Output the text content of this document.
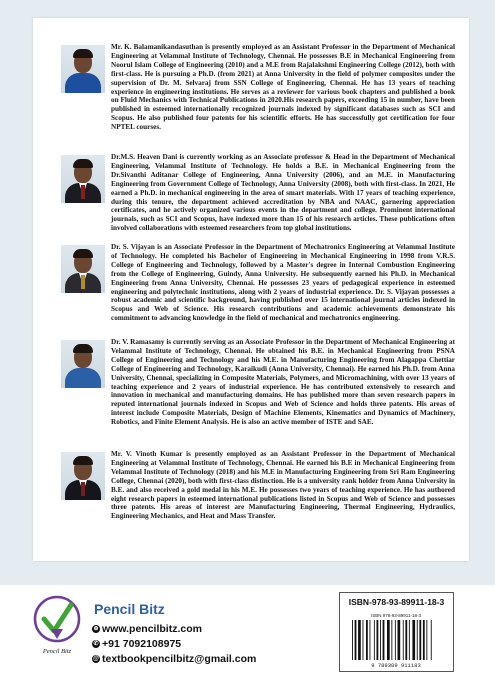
Mr. K. Balamanikandasuthan is presently employed as an Assistant Professor in the Department of Mechanical Engineering at Velammal Institute of Technology, Chennai. He possesses B.E in Mechanical Engineering from Noorul Islam College of Engineering (2010) and a M.E from Rajalakshmi Engineering College (2012), both with first-class. He is pursuing a Ph.D. (from 2021) at Anna University in the field of polymer composites under the supervision of Dr. M. Selvaraj from SSN College of Engineering, Chennai. He has 13 years of teaching experience in engineering institutions. He serves as a reviewer for various book chapters and published a book on Fluid Mechanics with Technical Publications in 2020.His research papers, exceeding 15 in number, have been published in esteemed internationally recognized journals indexed by significant databases such as SCI and Scopus. He also published four patents for his scientific efforts. He has successfully got certification for four NPTEL courses.

Dr.M.S. Heaven Dani is currently working as an Associate professor & Head in the Department of Mechanical Engineering, Velammal Institute of Technology. He holds a B.E. in Mechanical Engineering from the Dr.Sivanthi Aditanar College of Engineering, Anna University (2006), and an M.E. in Manufacturing Engineering from Government College of Technology, Anna University (2008), both with first-class. In 2021, He earned a Ph.D. in mechanical engineering in the area of smart materials. With 17 years of teaching experience, during this tenure, the department achieved accreditation by NBA and NAAC, garnering appreciation certificates, and he actively organized various events in the department and college. Prominent international journals, such as SCI and Scopus, have indexed more than 15 of his research articles. These publications often involved collaborations with esteemed researchers from top global institutions.

Dr. S. Vijayan is an Associate Professor in the Department of Mechatronics Engineering at Velammal Institute of Technology. He completed his Bachelor of Engineering in Mechanical Engineering in 1998 from V.R.S. College of Engineering and Technology, followed by a Master's degree in Internal Combustion Engineering from the College of Engineering, Guindy, Anna University. He subsequently earned his Ph.D. in Mechanical Engineering from Anna University, Chennai. He possesses 23 years of pedagogical experience in esteemed engineering and polytechnic institutions, along with 2 years of industrial experience. Dr. S. Vijayan possesses a robust academic and scientific background, having published over 15 international journal articles indexed in Scopus and Web of Science. His research contributions and academic achievements demonstrate his commitment to advancing knowledge in the field of mechanical and mechatronics engineering.

Dr. V. Ramasamy is currently serving as an Associate Professor in the Department of Mechanical Engineering at Velammal Institute of Technology, Chennai. He obtained his B.E. in Mechanical Engineering from PSNA College of Engineering and Technology and his M.E. in Manufacturing Engineering from Alagappa Chettiar College of Engineering and Technology, Karaikudi (Anna University, Chennai). He earned his Ph.D. from Anna University, Chennai, specializing in Composite Materials, Polymers, and Micromachining, with over 13 years of teaching experience and 2 years of industrial experience. He has contributed extensively to research and innovation in mechanical and manufacturing domains. He has published more than seven research papers in reputed international journals indexed in Scopus and Web of Science and holds three patents. His areas of interest include Composite Materials, Design of Machine Elements, Kinematics and Dynamics of Machinery, Robotics, and Finite Element Analysis. He is also an active member of ISTE and SAE.

Mr. V. Vinoth Kumar is presently employed as an Assistant Professor in the Department of Mechanical Engineering at Velammal Institute of Technology, Chennai. He earned his B.E in Mechanical Engineering from Velammal Institute of Technology (2018) and his M.E in Manufacturing Engineering from Sri Ram Engineering College, Chennai (2020), both with first-class distinction. He is a university rank holder from Anna University in B.E. and also received a gold medal in his M.E. He possesses two years of teaching experience. He has authored eight research papers in esteemed international publications listed in Scopus and Web of Science and possesses three patents. His areas of interest are Manufacturing Engineering, Thermal Engineering, Hydraulics, Engineering Mechanics, and Heat and Mass Transfer.

Pencil Bitz

Pencil Bitz

⊕ www.pencilbitz.com
✆ +91 7092108975
@ textbookpencilbitz@gmail.com
ISBN-978-93-89911-18-3
ISBN 978-93-89911-18-3
9 789389 911183
